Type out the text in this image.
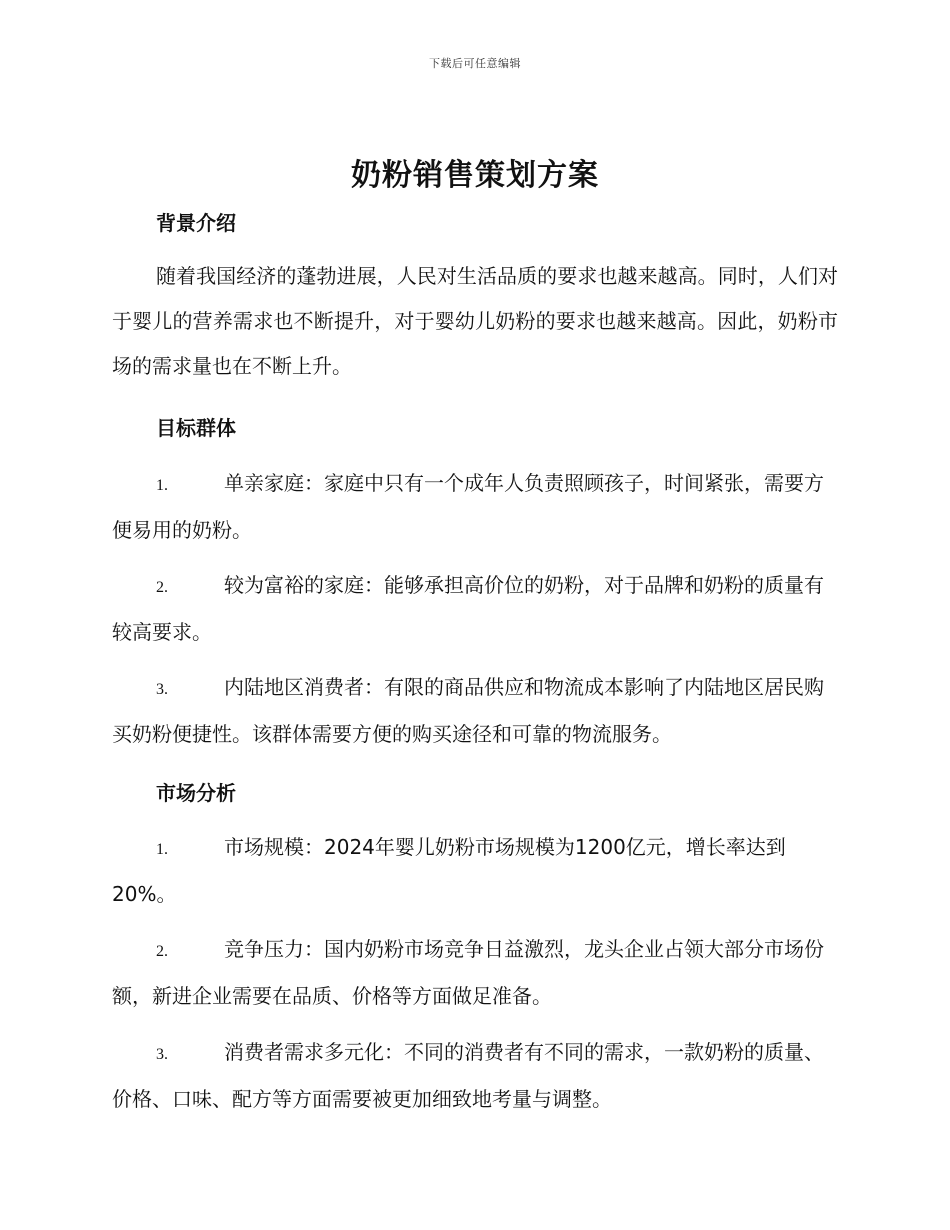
下载后可任意编辑
奶粉销售策划方案
背景介绍

随着我国经济的蓬勃进展，人民对生活品质的要求也越来越高。同时，人们对于婴儿的营养需求也不断提升，对于婴幼儿奶粉的要求也越来越高。因此，奶粉市场的需求量也在不断上升。

目标群体

1.	单亲家庭：家庭中只有一个成年人负责照顾孩子，时间紧张，需要方便易用的奶粉。

2.	较为富裕的家庭：能够承担高价位的奶粉，对于品牌和奶粉的质量有较高要求。

3.	内陆地区消费者：有限的商品供应和物流成本影响了内陆地区居民购买奶粉便捷性。该群体需要方便的购买途径和可靠的物流服务。

市场分析

1.	市场规模：2024年婴儿奶粉市场规模为1200亿元，增长率达到20%。

2.	竞争压力：国内奶粉市场竞争日益激烈，龙头企业占领大部分市场份额，新进企业需要在品质、价格等方面做足准备。

3.	消费者需求多元化：不同的消费者有不同的需求，一款奶粉的质量、价格、口味、配方等方面需要被更加细致地考量与调整。
